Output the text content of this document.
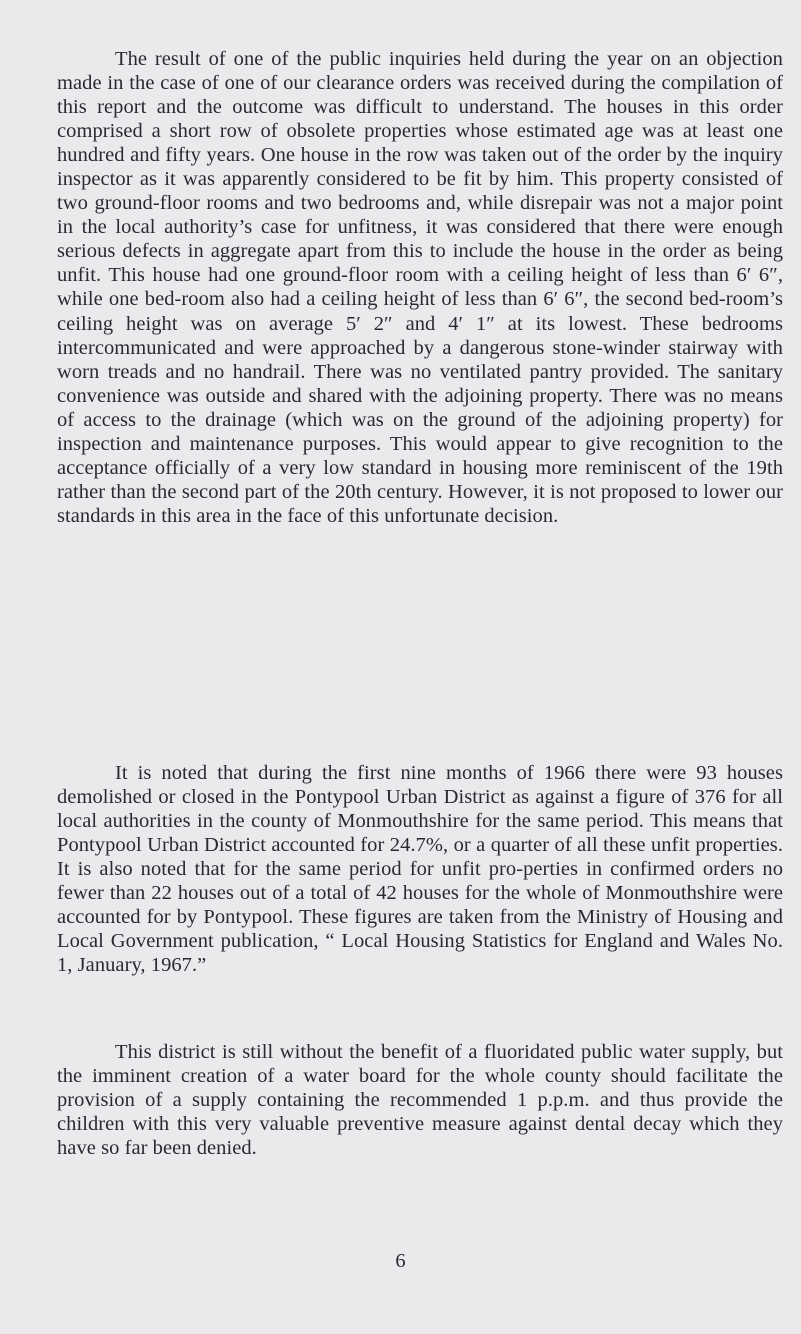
The result of one of the public inquiries held during the year on an objection made in the case of one of our clearance orders was received during the compilation of this report and the outcome was difficult to understand. The houses in this order comprised a short row of obsolete properties whose estimated age was at least one hundred and fifty years. One house in the row was taken out of the order by the inquiry inspector as it was apparently considered to be fit by him. This property consisted of two ground-floor rooms and two bedrooms and, while disrepair was not a major point in the local authority’s case for unfitness, it was considered that there were enough serious defects in aggregate apart from this to include the house in the order as being unfit. This house had one ground-floor room with a ceiling height of less than 6′ 6″, while one bed-room also had a ceiling height of less than 6′ 6″, the second bed-room’s ceiling height was on average 5′ 2″ and 4′ 1″ at its lowest. These bedrooms intercommunicated and were approached by a dangerous stone-winder stairway with worn treads and no handrail. There was no ventilated pantry provided. The sanitary convenience was outside and shared with the adjoining property. There was no means of access to the drainage (which was on the ground of the adjoining property) for inspection and maintenance purposes. This would appear to give recognition to the acceptance officially of a very low standard in housing more reminiscent of the 19th rather than the second part of the 20th century. However, it is not proposed to lower our standards in this area in the face of this unfortunate decision.

It is noted that during the first nine months of 1966 there were 93 houses demolished or closed in the Pontypool Urban District as against a figure of 376 for all local authorities in the county of Monmouthshire for the same period. This means that Pontypool Urban District accounted for 24.7%, or a quarter of all these unfit properties. It is also noted that for the same period for unfit pro-perties in confirmed orders no fewer than 22 houses out of a total of 42 houses for the whole of Monmouthshire were accounted for by Pontypool. These figures are taken from the Ministry of Housing and Local Government publication, “ Local Housing Statistics for England and Wales No. 1, January, 1967.”

This district is still without the benefit of a fluoridated public water supply, but the imminent creation of a water board for the whole county should facilitate the provision of a supply containing the recommended 1 p.p.m. and thus provide the children with this very valuable preventive measure against dental decay which they have so far been denied.

6
